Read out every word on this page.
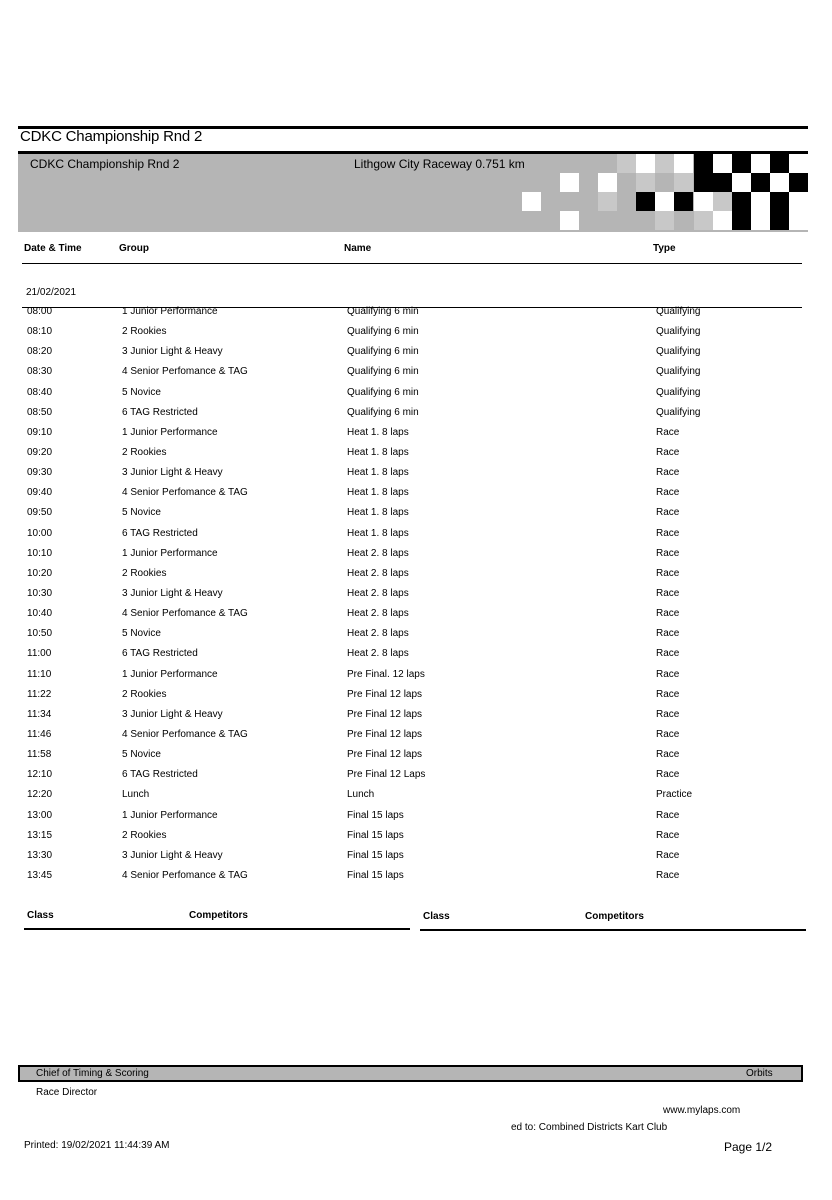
CDKC Championship Rnd 2
CDKC Championship Rnd 2	Lithgow City Raceway 0.751 km
Date & Time	Group	Name	Type
21/02/2021
08:00	1 Junior Performance	Qualifying 6 min	Qualifying
08:10	2 Rookies	Qualifying 6 min	Qualifying
08:20	3 Junior Light & Heavy	Qualifying 6 min	Qualifying
08:30	4 Senior Perfomance & TAG	Qualifying 6 min	Qualifying
08:40	5 Novice	Qualifying 6 min	Qualifying
08:50	6 TAG Restricted	Qualifying 6 min	Qualifying
09:10	1 Junior Performance	Heat 1. 8 laps	Race
09:20	2 Rookies	Heat 1. 8 laps	Race
09:30	3 Junior Light & Heavy	Heat 1. 8 laps	Race
09:40	4 Senior Perfomance & TAG	Heat 1. 8 laps	Race
09:50	5 Novice	Heat 1. 8 laps	Race
10:00	6 TAG Restricted	Heat 1. 8 laps	Race
10:10	1 Junior Performance	Heat 2. 8 laps	Race
10:20	2 Rookies	Heat 2. 8 laps	Race
10:30	3 Junior Light & Heavy	Heat 2. 8 laps	Race
10:40	4 Senior Perfomance & TAG	Heat 2. 8 laps	Race
10:50	5 Novice	Heat 2. 8 laps	Race
11:00	6 TAG Restricted	Heat 2. 8 laps	Race
11:10	1 Junior Performance	Pre Final. 12 laps	Race
11:22	2 Rookies	Pre Final 12 laps	Race
11:34	3 Junior Light & Heavy	Pre Final 12 laps	Race
11:46	4 Senior Perfomance & TAG	Pre Final 12 laps	Race
11:58	5 Novice	Pre Final 12 laps	Race
12:10	6 TAG Restricted	Pre Final 12 Laps	Race
12:20	Lunch	Lunch	Practice
13:00	1 Junior Performance	Final 15 laps	Race
13:15	2 Rookies	Final 15 laps	Race
13:30	3 Junior Light & Heavy	Final 15 laps	Race
13:45	4 Senior Perfomance & TAG	Final 15 laps	Race
Class	Competitors	Class	Competitors
Chief of Timing & Scoring	Orbits
Race Director
www.mylaps.com
ed to: Combined Districts Kart Club
Printed: 19/02/2021 11:44:39 AM	Page 1/2
